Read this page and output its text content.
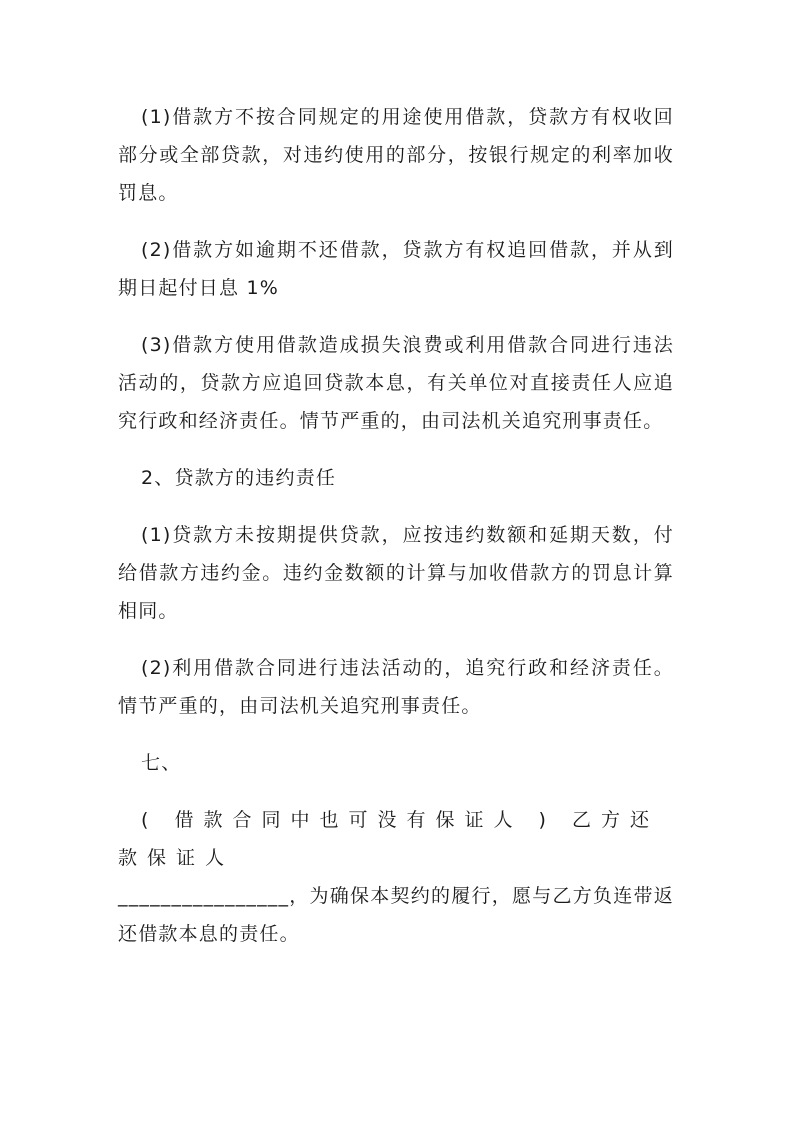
(1)借款方不按合同规定的用途使用借款，贷款方有权收回部分或全部贷款，对违约使用的部分，按银行规定的利率加收罚息。

(2)借款方如逾期不还借款，贷款方有权追回借款，并从到期日起付日息 1%

(3)借款方使用借款造成损失浪费或利用借款合同进行违法活动的，贷款方应追回贷款本息，有关单位对直接责任人应追究行政和经济责任。情节严重的，由司法机关追究刑事责任。

2、贷款方的违约责任

(1)贷款方未按期提供贷款，应按违约数额和延期天数，付给借款方违约金。违约金数额的计算与加收借款方的罚息计算相同。

(2)利用借款合同进行违法活动的，追究行政和经济责任。情节严重的，由司法机关追究刑事责任。

七、

( 借款合同中也可没有保证人 ) 乙方还款保证人

________________，为确保本契约的履行，愿与乙方负连带返还借款本息的责任。
